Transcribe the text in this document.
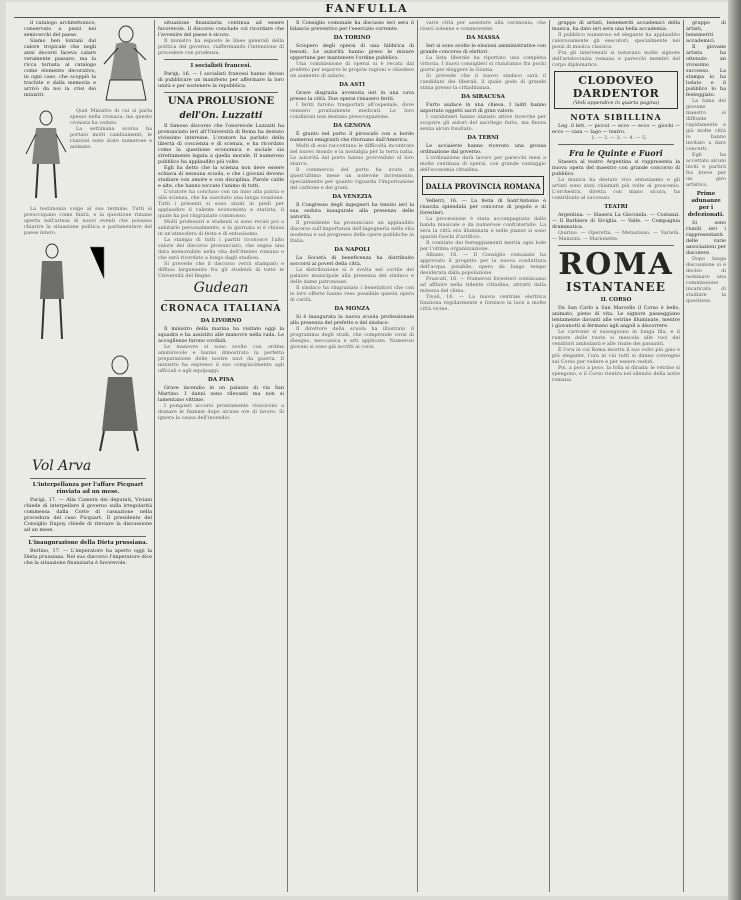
FANFULLA

il catalogo architettonico, conservato a pezzi nei semicerchi del paese.

Siamo ben lontani dal calore tropicale che negli anni decorsi faceva calare veramente passare, ma la ricca tornata al catalogo come elemento decorativo, in ogni caso, che scoppiò la trachite e dalla memoria e arrivò da noi la crisi dei ministri.

Quel Ministro di cui si parla spesso nella cronaca; ma questo cronista ha veduto.

La settimana scorsa ha portato molti cambiamenti; le riunioni sono state numerose e animate.

La testimonia volge al suo termine. Tutti si preoccupano come finirà, e la questione rimane aperta nell'attesa di nuovi eventi che possano chiarire la situazione politica e parlamentare del paese intero.

Vol Arva
L'interpellanza per l'affare Picquart rinviata ad un mese.

Parigi, 17. — Alla Camera dei deputati, Viviani chiede di interpellare il governo sulla irregolarità commessa dalla Corte di cassazione nella procedura del caso Picquart. Il presidente del Consiglio Dupuy chiede di rinviare la discussione ad un mese.

L'inaugurazione della Dieta prussiana.

Berlino, 17. — L'imperatore ha aperto oggi la Dieta prussiana. Nel suo discorso l'imperatore dice che la situazione finanziaria è favorevole.

situazione finanziaria continua ad essere favorevole. Il discorso conclude col ricordare che l'avvenire del paese è sicuro.

Il ministro ha esposto le linee generali della politica del governo, riaffermando l'intenzione di procedere con prudenza.

I socialisti francesi.

Parigi, 16. — I socialisti francesi hanno deciso di pubblicare un manifesto per affermare la loro unità e per sostenere la repubblica.

UNA PROLUSIONE
dell'On. Luzzatti

Il famoso discorso che l'onorevole Luzzatti ha pronunciato ieri all'Università di Roma ha destato vivissimo interesse. L'oratore ha parlato della libertà di coscienza e di scienza, e ha ricordato come la questione economica e sociale sia strettamente legata a quella morale. Il numeroso pubblico ha applaudito più volte.

Egli ha detto che la scienza non deve essere schiava di nessuna scuola, e che i giovani devono studiare con amore e con disciplina. Parole calde e alte, che hanno toccato l'animo di tutti.

L'oratore ha concluso con un inno alla patria e alla scienza, che ha suscitato una lunga ovazione. Tutti i presenti si sono alzati in piedi per applaudire il valente economista e statista, il quale ha poi ringraziato commosso.

Molti professori e studenti si sono recati poi a salutarlo personalmente, e la giornata si è chiusa in un'atmosfera di festa e di entusiasmo.

La stampa di tutti i partiti riconosce l'alto valore del discorso pronunciato, che segna una data memorabile nella vita dell'Ateneo romano e che sarà ricordato a lungo dagli studiosi.

Si prevede che il discorso verrà stampato e diffuso largamente fra gli studenti di tutte le Università del Regno.

Gudean
CRONACA ITALIANA
DA LIVORNO

Il ministro della marina ha visitato oggi la squadra e ha assistito alle manovre nella rada. Le accoglienze furono cordiali.

Le manovre si sono svolte con ordine ammirevole e hanno dimostrato la perfetta preparazione delle nostre navi da guerra. Il ministro ha espresso il suo compiacimento agli ufficiali e agli equipaggi.

DA PISA

Grave incendio in un palazzo di via San Martino. I danni sono rilevanti ma non si lamentano vittime.

I pompieri accorsi prontamente riuscirono a domare le fiamme dopo alcune ore di lavoro. Si ignora la causa dell'incendio.

Il Consiglio comunale ha discusso ieri sera il bilancio preventivo per l'esercizio corrente.

DA TORINO

Sciopero degli operai di una fabbrica di tessuti. Le autorità hanno preso le misure opportune per mantenere l'ordine pubblico.

Una commissione di operai si è recata dal prefetto per esporre le proprie ragioni e chiedere un aumento di salario.

DA ASTI

Grave disgrazia avvenuta ieri in una cava presso la città. Due operai rimasero feriti.

I feriti furono trasportati all'ospedale, dove vennero prontamente medicati. Le loro condizioni non destano preoccupazione.

DA GENOVA

È giunto nel porto il piroscafo con a bordo numerosi emigranti che ritornano dall'America.

Molti di essi raccontano le difficoltà incontrate nel nuovo mondo e la nostalgia per la terra natia. Le autorità del porto hanno provveduto al loro sbarco.

Il commercio del porto ha avuto in quest'ultimo mese un notevole incremento, specialmente per quanto riguarda l'importazione del carbone e dei grani.

DA VENEZIA

Il Congresso degli ingegneri ha tenuto ieri la sua seduta inaugurale alla presenza delle autorità.

Il presidente ha pronunciato un applaudito discorso sull'importanza dell'ingegneria nella vita moderna e sul progresso delle opere pubbliche in Italia.

DA NAPOLI

La Società di beneficenza ha distribuito soccorsi ai poveri della città.

La distribuzione si è svolta nel cortile del palazzo municipale alla presenza del sindaco e delle dame patronesse.

Il sindaco ha ringraziato i benefattori che con le loro offerte hanno reso possibile questa opera di carità.

DA MONZA

Si è inaugurata la nuova scuola professionale alla presenza del prefetto e del sindaco.

Il direttore della scuola ha illustrato il programma degli studi, che comprende corsi di disegno, meccanica e arti applicate. Numerosi giovani si sono già iscritti ai corsi.

varie città per assistere alla cerimonia, che riuscì solenne e commovente.

DA MASSA

Ieri si sono svolte le elezioni amministrative con grande concorso di elettori.

La lista liberale ha riportato una completa vittoria. I nuovi consiglieri si riuniranno fra pochi giorni per eleggere la Giunta.

Si prevede che il nuovo sindaco sarà il candidato dei liberali, il quale gode di grande stima presso la cittadinanza.

DA SIRACUSA

Furto audace in una chiesa. I ladri hanno asportato oggetti sacri di gran valore.

I carabinieri hanno iniziato attive ricerche per scoprire gli autori del sacrilego furto, ma finora senza alcun risultato.

DA TERNI

Le acciaierie hanno ricevuto una grossa ordinazione dal governo.

L'ordinazione darà lavoro per parecchi mesi a molte centinaia di operai, con grande vantaggio dell'economia cittadina.

DALLA PROVINCIA ROMANA

Velletri, 16. — La festa di Sant'Antonio è riuscita splendida per concorso di popolo e di forestieri.

La processione è stata accompagnata dalla banda musicale e da numerose confraternite. La sera la città era illuminata e nelle piazze si sono sparati fuochi d'artificio.

Il comitato dei festeggiamenti merita ogni lode per l'ottima organizzazione.

Albano, 16. — Il Consiglio comunale ha approvato il progetto per la nuova conduttura dell'acqua potabile, opera da lungo tempo desiderata dalla popolazione.

Frascati, 16. — Numerosi forestieri continuano ad affluire nella ridente cittadina, attratti dalla mitezza del clima.

Tivoli, 16. — La nuova centrale elettrica funziona regolarmente e fornisce la luce a molte città vicine.

gruppo di artisti, benemeriti accademici della musica, ha dato ieri sera una bella accademia.

Il pubblico numeroso ed elegante ha applaudito calorosamente gli esecutori, specialmente nei pezzi di musica classica.

Fra gli intervenuti si notavano molte signore dell'aristocrazia romana e parecchi membri del corpo diplomatico.

CLODOVEO DARDENTOR
(Vedi appendice in quarta pagina)
NOTA SIBILLINA

Leg. il lett. — piccol — ecco — ecco — giochi — ecco — casa — lago — teatro.

1. — 2. — 3. — 4. — 5.

Fra le Quinte e Fuori

Stasera al teatro Argentina si rappresenta la nuova opera del maestro con grande concorso di pubblico.

La musica ha destato vivo entusiasmo e gli artisti sono stati chiamati più volte al proscenio. L'orchestra, diretta con mano sicura, ha contribuito al successo.

TEATRI

Argentina. — Stasera La Gioconda. — Costanzi. — Il Barbiere di Siviglia. — Valle. — Compagnia drammatica.

Quirino. — Operetta. — Metastasio. — Varietà. — Manzoni. — Marionette.

ROMA
ISTANTANEE
IL CORSO

Da San Carlo a San Marcello il Corso è bello, animato, pieno di vita. Le signore passeggiano lentamente davanti alle vetrine illuminate, mentre i giovanotti si fermano agli angoli a discorrere.

Le carrozze si susseguono in lunga fila, e il rumore delle ruote si mescola alle voci dei venditori ambulanti e alle risate dei passanti.

È l'ora in cui Roma mostra il suo volto più gaio e più elegante, l'ora in cui tutti si danno convegno sul Corso per vedere e per essere veduti.

Poi, a poco a poco, la folla si dirada; le vetrine si spengono, e il Corso rientra nel silenzio della notte romana.

gruppo di artisti, benemeriti accademici.

Il giovane artista ha ottenuto un vivissimo successo. La stampa lo ha lodato e il pubblico lo ha festeggiato.

La fama del giovane maestro si diffonde rapidamente e già molte città lo hanno invitato a dare concerti.

Egli ha accettato alcuni inviti e partirà fra breve per un giro artistico.

Prime adunanze per i defezionati.

Si sono riuniti ieri i rappresentanti delle varie associazioni per discutere.

Dopo lunga discussione si è deciso di nominare una commissione incaricata di studiare la questione.
